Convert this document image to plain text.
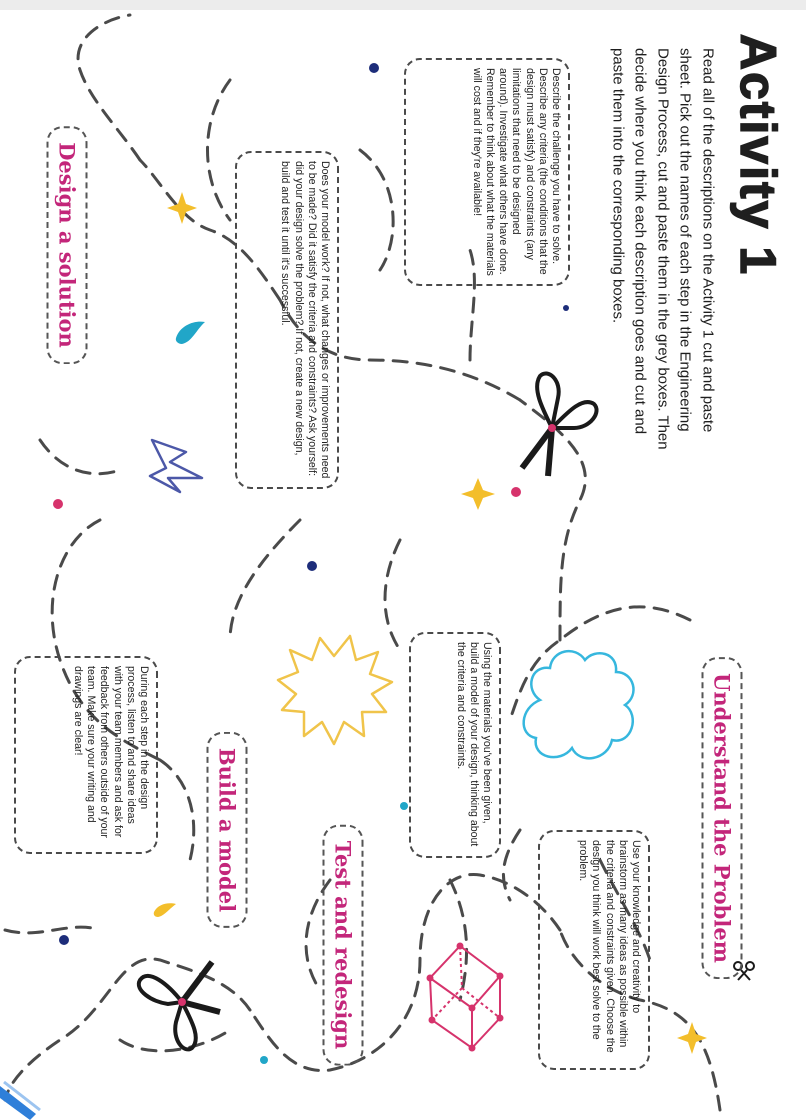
Activity 1
Read all of the descriptions on the Activity 1 cut and paste sheet. Pick out the names of each step in the Engineering Design Process, cut and paste them in the grey boxes. Then decide where you think each description goes and cut and paste them into the corresponding boxes.
Describe the challenge you have to solve. Describe any criteria (the conditions that the design must satisfy) and constraints (any limitations that need to be designed around). Investigate what others have done. Remember to think about what the materials will cost and if they're available!
Does your model work? If not, what changes or improvements need to be made? Did it satisfy the criteria and constraints? Ask yourself: did your design solve the problem? If not, create a new design, build and test it until it's successful.
Use your knowledge and creativity to brainstorm as many ideas as possible within the criteria and constraints given. Choose the design you think will work best solve to the problem.
Using the materials you've been given, build a model of your design, thinking about the criteria and constraints.
During each step in the design process, listen to and share ideas with your team members and ask for feedback from others outside of your team. Make sure your writing and drawings are clear!	Understand the Problem
Design a solution
Build a model
Test and redesign
